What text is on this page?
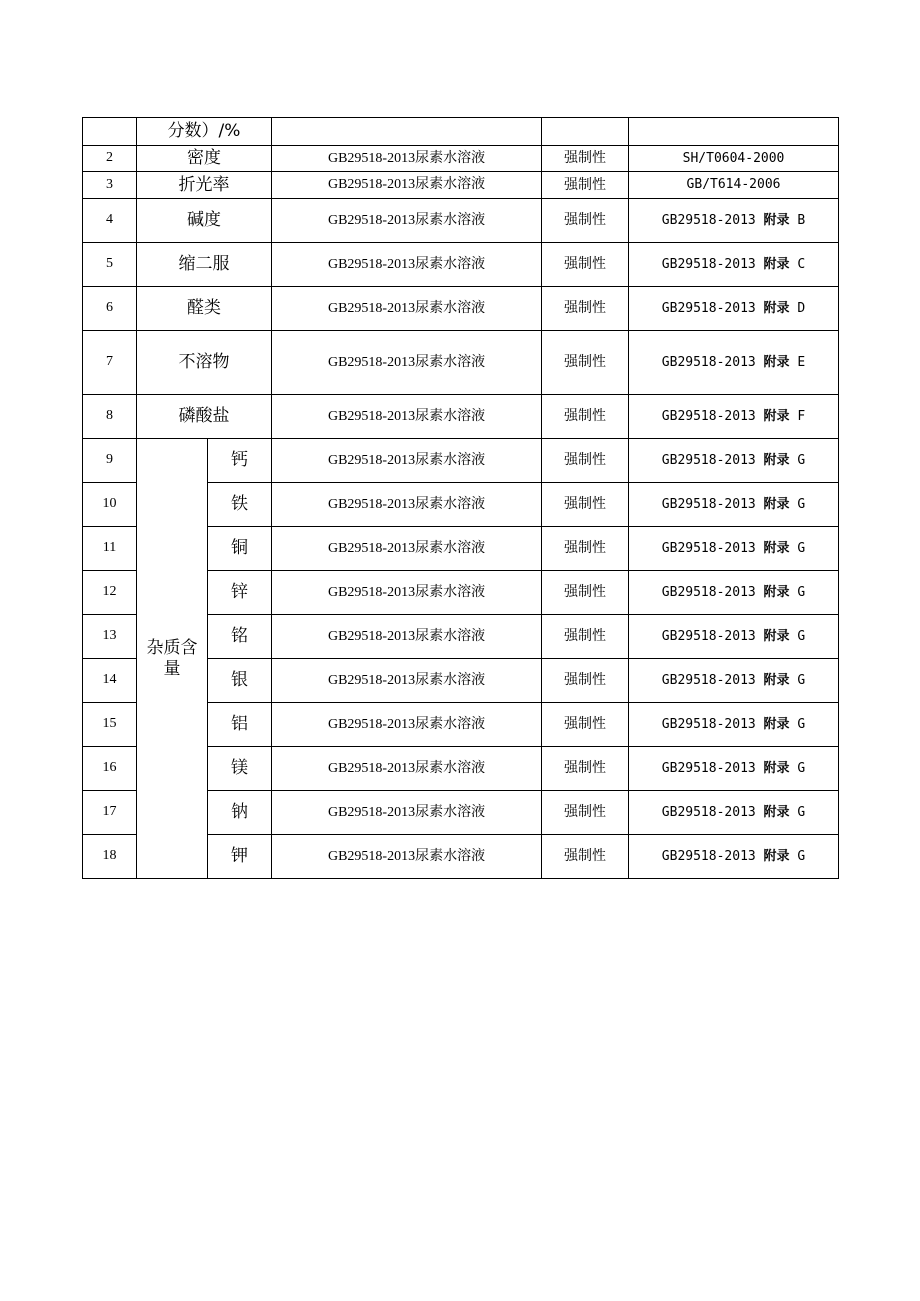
	分数）/%				
2	密度		GB29518-2013尿素水溶液	强制性	SH/T0604-2000
3	折光率		GB29518-2013尿素水溶液	强制性	GB/T614-2006
4	碱度		GB29518-2013尿素水溶液	强制性	GB29518-2013 附录 B
5	缩二服		GB29518-2013尿素水溶液	强制性	GB29518-2013 附录 C
6	醛类		GB29518-2013尿素水溶液	强制性	GB29518-2013 附录 D
7	不溶物		GB29518-2013尿素水溶液	强制性	GB29518-2013 附录 E
8	磷酸盐		GB29518-2013尿素水溶液	强制性	GB29518-2013 附录 F
9	杂质含量	钙	GB29518-2013尿素水溶液	强制性	GB29518-2013 附录 G
10		铁	GB29518-2013尿素水溶液	强制性	GB29518-2013 附录 G
11		铜	GB29518-2013尿素水溶液	强制性	GB29518-2013 附录 G
12		锌	GB29518-2013尿素水溶液	强制性	GB29518-2013 附录 G
13		铭	GB29518-2013尿素水溶液	强制性	GB29518-2013 附录 G
14		银	GB29518-2013尿素水溶液	强制性	GB29518-2013 附录 G
15		铝	GB29518-2013尿素水溶液	强制性	GB29518-2013 附录 G
16		镁	GB29518-2013尿素水溶液	强制性	GB29518-2013 附录 G
17		钠	GB29518-2013尿素水溶液	强制性	GB29518-2013 附录 G
18		钾	GB29518-2013尿素水溶液	强制性	GB29518-2013 附录 G
